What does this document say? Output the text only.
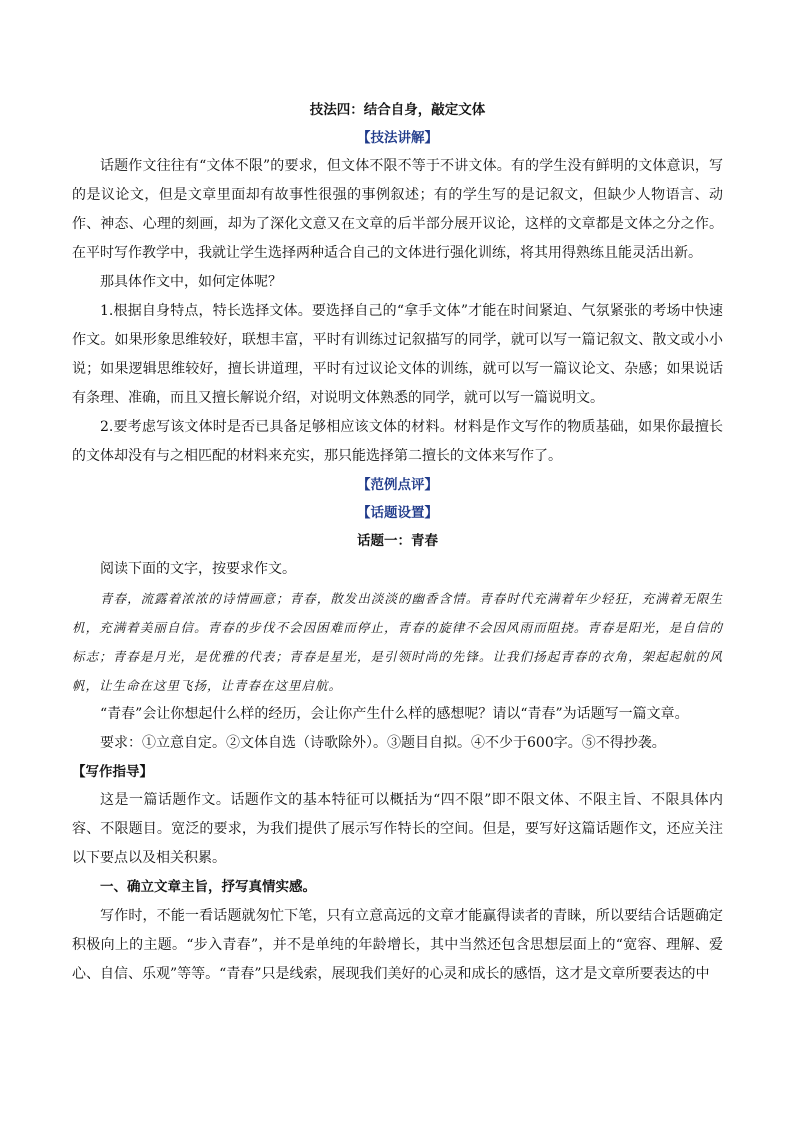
技法四：结合自身，敲定文体
【技法讲解】

话题作文往往有“文体不限”的要求，但文体不限不等于不讲文体。有的学生没有鲜明的文体意识，写的是议论文，但是文章里面却有故事性很强的事例叙述；有的学生写的是记叙文，但缺少人物语言、动作、神态、心理的刻画，却为了深化文意又在文章的后半部分展开议论，这样的文章都是文体之分之作。在平时写作教学中，我就让学生选择两种适合自己的文体进行强化训练，将其用得熟练且能灵活出新。

那具体作文中，如何定体呢？

1.根据自身特点，特长选择文体。要选择自己的“拿手文体”才能在时间紧迫、气氛紧张的考场中快速作文。如果形象思维较好，联想丰富，平时有训练过记叙描写的同学，就可以写一篇记叙文、散文或小小说；如果逻辑思维较好，擅长讲道理，平时有过议论文体的训练，就可以写一篇议论文、杂感；如果说话有条理、准确，而且又擅长解说介绍，对说明文体熟悉的同学，就可以写一篇说明文。

2.要考虑写该文体时是否已具备足够相应该文体的材料。材料是作文写作的物质基础，如果你最擅长的文体却没有与之相匹配的材料来充实，那只能选择第二擅长的文体来写作了。

【范例点评】
【话题设置】
话题一：青春

阅读下面的文字，按要求作文。

青春，流露着浓浓的诗情画意；青春，散发出淡淡的幽香含情。青春时代充满着年少轻狂，充满着无限生机，充满着美丽自信。青春的步伐不会因困难而停止，青春的旋律不会因风雨而阻挠。青春是阳光，是自信的标志；青春是月光，是优雅的代表；青春是星光，是引领时尚的先锋。让我们扬起青春的衣角，架起起航的风帆，让生命在这里飞扬，让青春在这里启航。

“青春”会让你想起什么样的经历，会让你产生什么样的感想呢？请以“青春”为话题写一篇文章。

要求：①立意自定。②文体自选（诗歌除外）。③题目自拟。④不少于600字。⑤不得抄袭。

【写作指导】

这是一篇话题作文。话题作文的基本特征可以概括为“四不限”即不限文体、不限主旨、不限具体内容、不限题目。宽泛的要求，为我们提供了展示写作特长的空间。但是，要写好这篇话题作文，还应关注以下要点以及相关积累。

一、确立文章主旨，抒写真情实感。

写作时，不能一看话题就匆忙下笔，只有立意高远的文章才能赢得读者的青睐，所以要结合话题确定积极向上的主题。“步入青春”，并不是单纯的年龄增长，其中当然还包含思想层面上的“宽容、理解、爱心、自信、乐观”等等。“青春”只是线索，展现我们美好的心灵和成长的感悟，这才是文章所要表达的中
